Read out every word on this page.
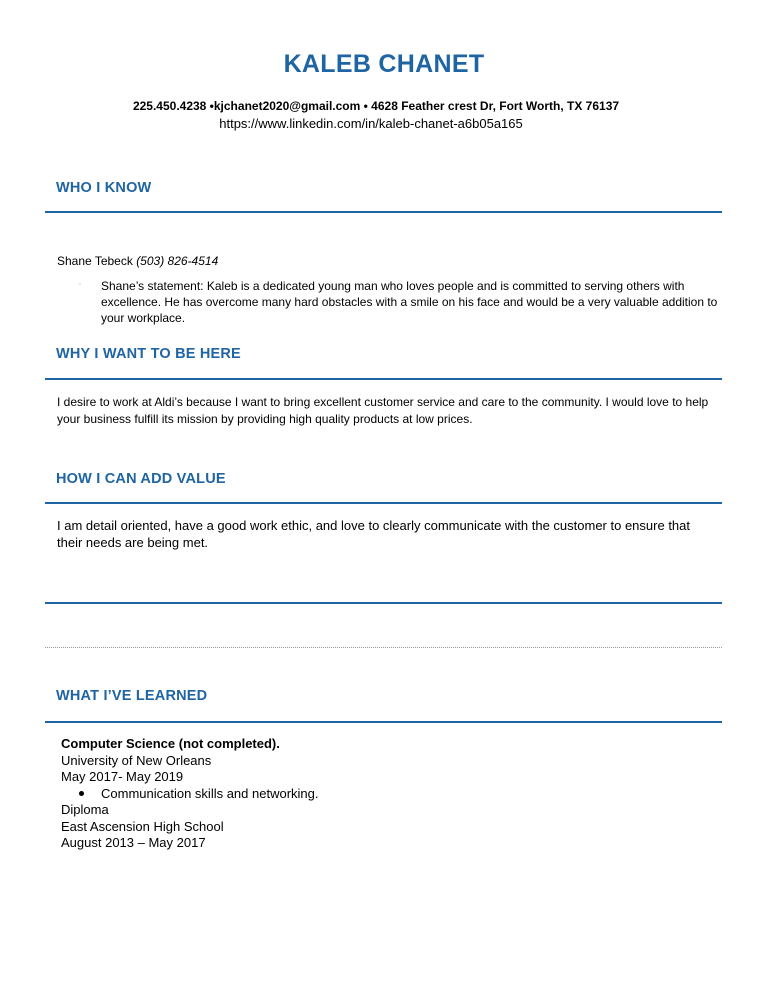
KALEB CHANET
225.450.4238 •kjchanet2020@gmail.com • 4628 Feather crest Dr, Fort Worth, TX 76137
https://www.linkedin.com/in/kaleb-chanet-a6b05a165
WHO I KNOW
Shane Tebeck (503) 826-4514
◦ Shane’s statement: Kaleb is a dedicated young man who loves people and is committed to serving others with excellence. He has overcome many hard obstacles with a smile on his face and would be a very valuable addition to your workplace.
WHY I WANT TO BE HERE
I desire to work at Aldi’s because I want to bring excellent customer service and care to the community. I would love to help your business fulfill its mission by providing high quality products at low prices.
HOW I CAN ADD VALUE
I am detail oriented, have a good work ethic, and love to clearly communicate with the customer to ensure that their needs are being met.
WHAT I’VE LEARNED
Computer Science (not completed).
University of New Orleans
May 2017- May 2019
Communication skills and networking.
Diploma
East Ascension High School
August 2013 – May 2017
